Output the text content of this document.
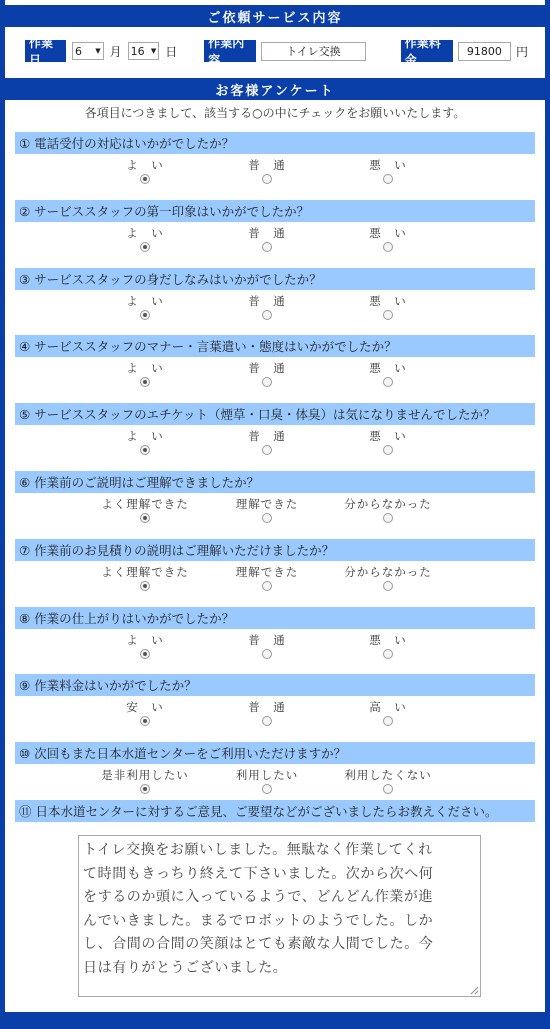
ご依頼サービス内容
作業日
6 ▼ 月 16 ▼ 日
作業内容
トイレ交換
作業料金
91800	円
お客様アンケート
各項目につきまして、該当する○の中にチェックをお願いいたします。
① 電話受付の対応はいかがでしたか？
よ　い	普　通	悪　い
② サービススタッフの第一印象はいかがでしたか？
よ　い	普　通	悪　い
③ サービススタッフの身だしなみはいかがでしたか？
よ　い	普　通	悪　い
④ サービススタッフのマナー・言葉遣い・態度はいかがでしたか？
よ　い	普　通	悪　い
⑤ サービススタッフのエチケット（煙草・口臭・体臭）は気になりませんでしたか？
よ　い	普　通	悪　い
⑥ 作業前のご説明はご理解できましたか？
よく理解できた	理解できた	分からなかった
⑦ 作業前のお見積りの説明はご理解いただけましたか？
よく理解できた	理解できた	分からなかった
⑧ 作業の仕上がりはいかがでしたか？
よ　い	普　通	悪　い
⑨ 作業料金はいかがでしたか？
安　い	普　通	高　い
⑩ 次回もまた日本水道センターをご利用いただけますか？
是非利用したい	利用したい	利用したくない
⑪ 日本水道センターに対するご意見、ご要望などがございましたらお教えください。
トイレ交換をお願いしました。無駄なく作業してくれ
て時間もきっちり終えて下さいました。次から次へ何
をするのか頭に入っているようで、どんどん作業が進
んでいきました。まるでロボットのようでした。しか
し、合間の合間の笑顔はとても素敵な人間でした。今
日は有りがとうございました。
